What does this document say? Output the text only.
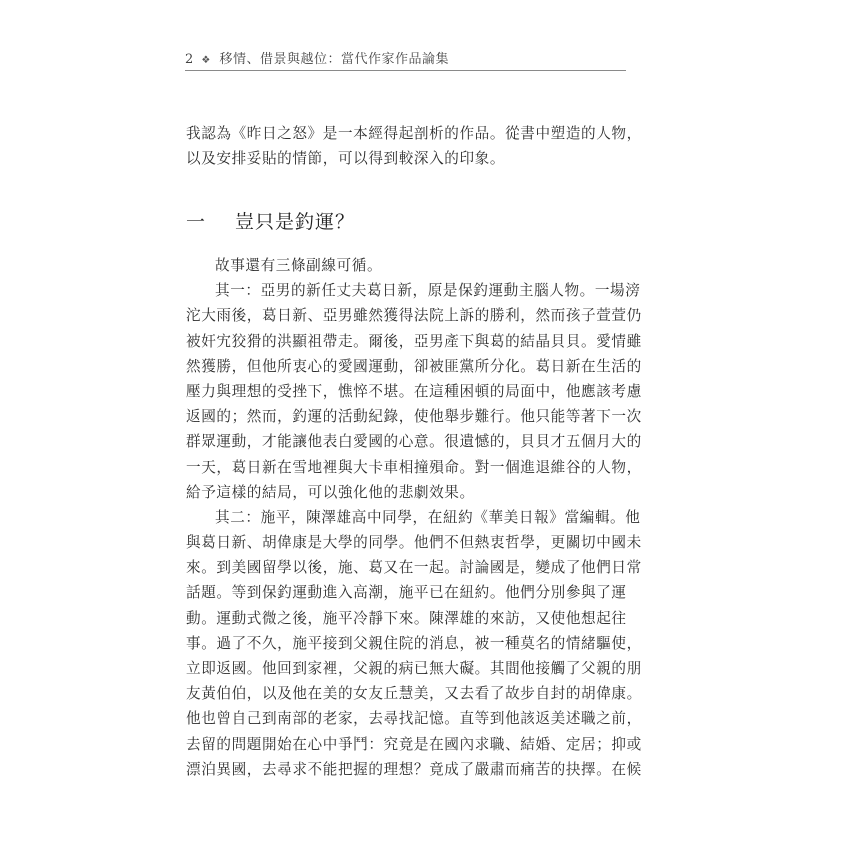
2 ❖ 移情、借景與越位：當代作家作品論集

我認為《昨日之怒》是一本經得起剖析的作品。從書中塑造的人物，
以及安排妥貼的情節，可以得到較深入的印象。

一 豈只是釣運？

故事還有三條副線可循。
其一：亞男的新任丈夫葛日新，原是保釣運動主腦人物。一場滂
沱大雨後，葛日新、亞男雖然獲得法院上訴的勝利，然而孩子萱萱仍
被奸宄狡猾的洪顯祖帶走。爾後，亞男產下與葛的結晶貝貝。愛情雖
然獲勝，但他所衷心的愛國運動，卻被匪黨所分化。葛日新在生活的
壓力與理想的受挫下，憔悴不堪。在這種困頓的局面中，他應該考慮
返國的；然而，釣運的活動紀錄，使他舉步難行。他只能等著下一次
群眾運動，才能讓他表白愛國的心意。很遺憾的，貝貝才五個月大的
一天，葛日新在雪地裡與大卡車相撞殞命。對一個進退維谷的人物，
給予這樣的結局，可以強化他的悲劇效果。
其二：施平，陳澤雄高中同學，在紐約《華美日報》當編輯。他
與葛日新、胡偉康是大學的同學。他們不但熱衷哲學，更關切中國未
來。到美國留學以後，施、葛又在一起。討論國是，變成了他們日常
話題。等到保釣運動進入高潮，施平已在紐約。他們分別參與了運
動。運動式微之後，施平冷靜下來。陳澤雄的來訪，又使他想起往
事。過了不久，施平接到父親住院的消息，被一種莫名的情緒驅使，
立即返國。他回到家裡，父親的病已無大礙。其間他接觸了父親的朋
友黃伯伯，以及他在美的女友丘慧美，又去看了故步自封的胡偉康。
他也曾自己到南部的老家，去尋找記憶。直等到他該返美述職之前，
去留的問題開始在心中爭鬥：究竟是在國內求職、結婚、定居；抑或
漂泊異國，去尋求不能把握的理想？竟成了嚴肅而痛苦的抉擇。在候
